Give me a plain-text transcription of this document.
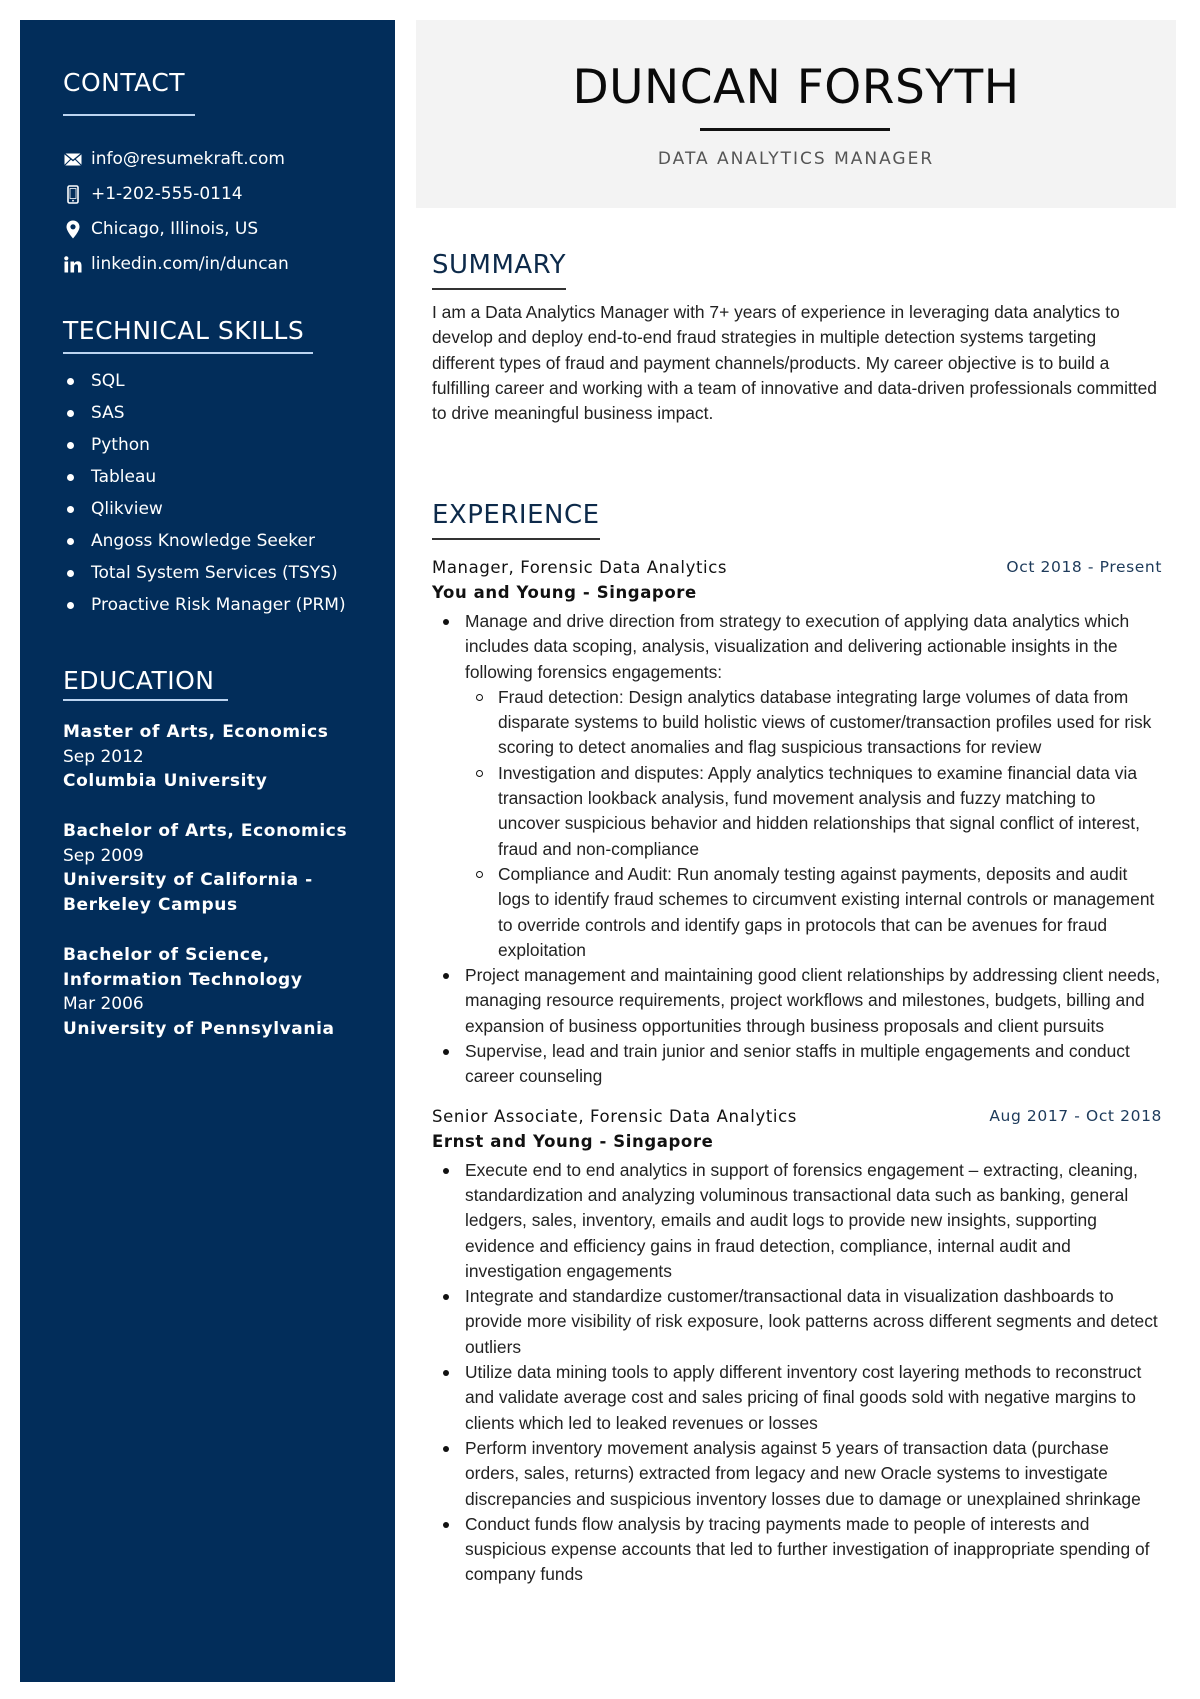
CONTACT
info@resumekraft.com
+1-202-555-0114
Chicago, Illinois, US
linkedin.com/in/duncan
TECHNICAL SKILLS
SQL
SAS
Python
Tableau
Qlikview
Angoss Knowledge Seeker
Total System Services (TSYS)
Proactive Risk Manager (PRM)
EDUCATION
Master of Arts, Economics
Sep 2012
Columbia University
Bachelor of Arts, Economics
Sep 2009
University of California - Berkeley Campus
Bachelor of Science, Information Technology
Mar 2006
University of Pennsylvania
DUNCAN FORSYTH
DATA ANALYTICS MANAGER
SUMMARY

I am a Data Analytics Manager with 7+ years of experience in leveraging data analytics to develop and deploy end-to-end fraud strategies in multiple detection systems targeting different types of fraud and payment channels/products. My career objective is to build a fulfilling career and working with a team of innovative and data-driven professionals committed to drive meaningful business impact.

EXPERIENCE
Manager, Forensic Data Analytics
You and Young - Singapore
Oct 2018 - Present
Manage and drive direction from strategy to execution of applying data analytics which includes data scoping, analysis, visualization and delivering actionable insights in the following forensics engagements:
Fraud detection: Design analytics database integrating large volumes of data from disparate systems to build holistic views of customer/transaction profiles used for risk scoring to detect anomalies and flag suspicious transactions for review
Investigation and disputes: Apply analytics techniques to examine financial data via transaction lookback analysis, fund movement analysis and fuzzy matching to uncover suspicious behavior and hidden relationships that signal conflict of interest, fraud and non-compliance
Compliance and Audit: Run anomaly testing against payments, deposits and audit logs to identify fraud schemes to circumvent existing internal controls or management to override controls and identify gaps in protocols that can be avenues for fraud exploitation
Project management and maintaining good client relationships by addressing client needs, managing resource requirements, project workflows and milestones, budgets, billing and expansion of business opportunities through business proposals and client pursuits
Supervise, lead and train junior and senior staffs in multiple engagements and conduct career counseling
Senior Associate, Forensic Data Analytics
Ernst and Young - Singapore
Aug 2017 - Oct 2018
Execute end to end analytics in support of forensics engagement – extracting, cleaning, standardization and analyzing voluminous transactional data such as banking, general ledgers, sales, inventory, emails and audit logs to provide new insights, supporting evidence and efficiency gains in fraud detection, compliance, internal audit and investigation engagements
Integrate and standardize customer/transactional data in visualization dashboards to provide more visibility of risk exposure, look patterns across different segments and detect outliers
Utilize data mining tools to apply different inventory cost layering methods to reconstruct and validate average cost and sales pricing of final goods sold with negative margins to clients which led to leaked revenues or losses
Perform inventory movement analysis against 5 years of transaction data (purchase orders, sales, returns) extracted from legacy and new Oracle systems to investigate discrepancies and suspicious inventory losses due to damage or unexplained shrinkage
Conduct funds flow analysis by tracing payments made to people of interests and suspicious expense accounts that led to further investigation of inappropriate spending of company funds
